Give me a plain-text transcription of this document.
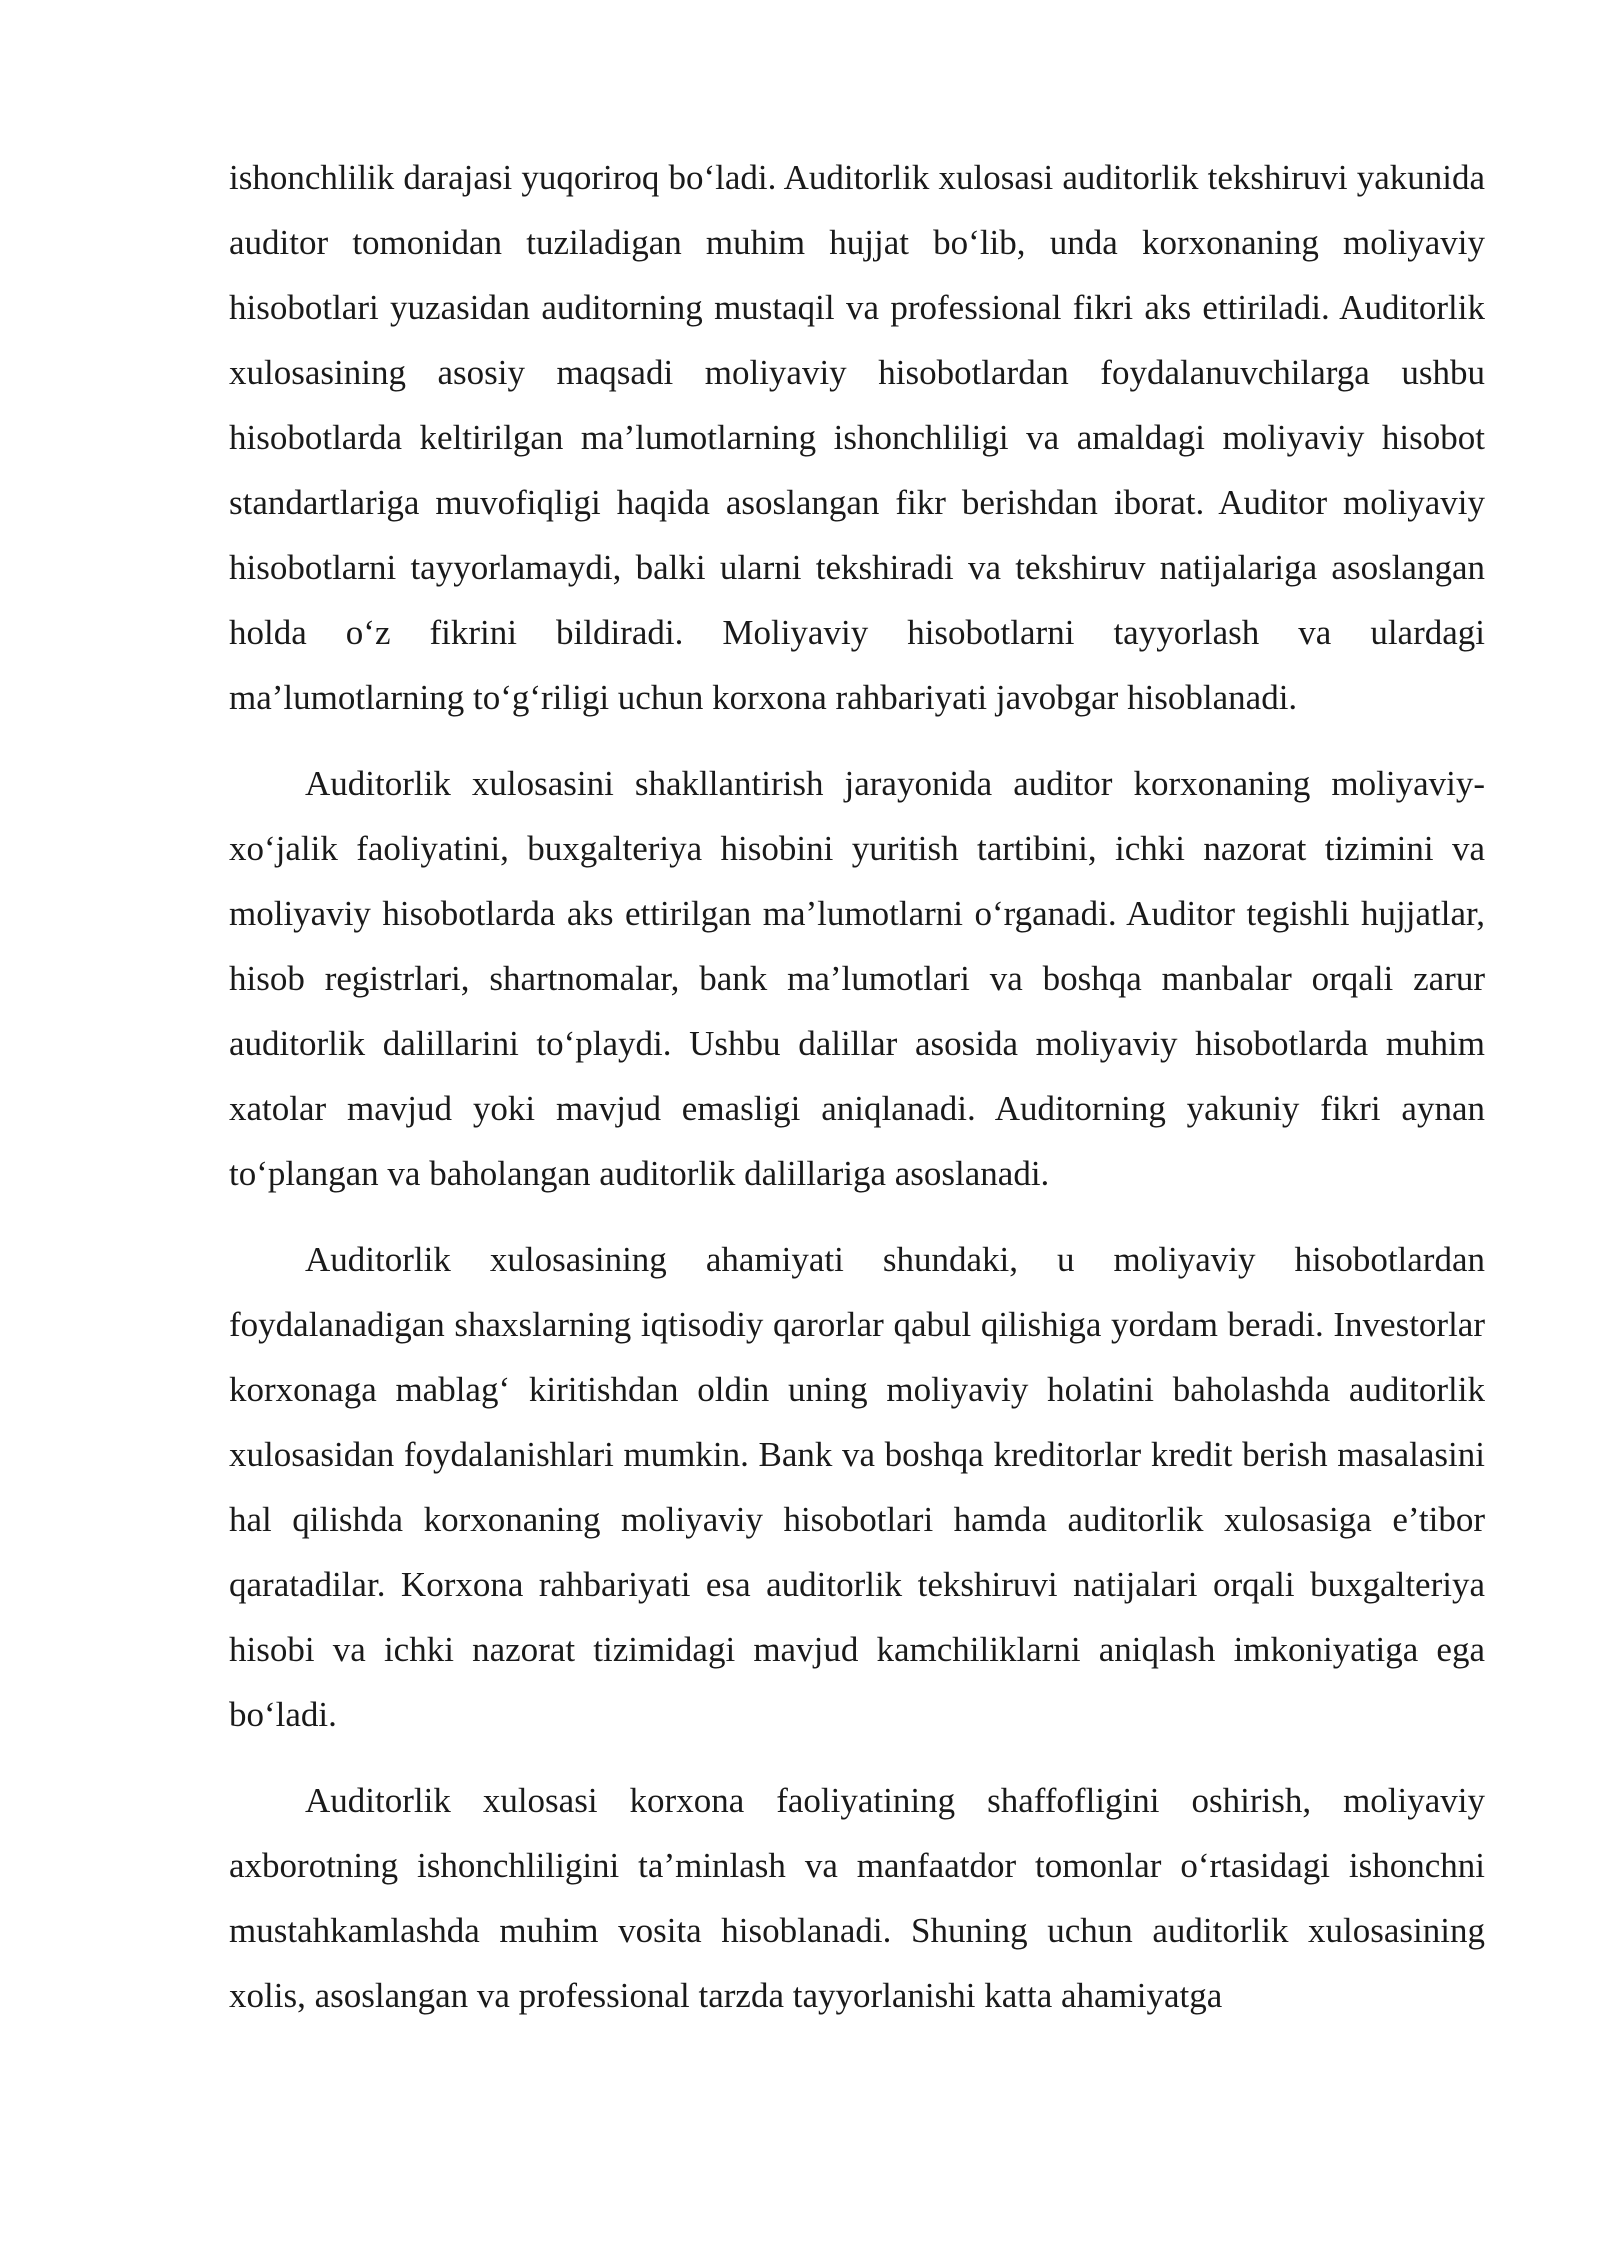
ishonchlilik darajasi yuqoriroq bo‘ladi. Auditorlik xulosasi auditorlik tekshiruvi yakunida auditor tomonidan tuziladigan muhim hujjat bo‘lib, unda korxonaning moliyaviy hisobotlari yuzasidan auditorning mustaqil va professional fikri aks ettiriladi. Auditorlik xulosasining asosiy maqsadi moliyaviy hisobotlardan foydalanuvchilarga ushbu hisobotlarda keltirilgan ma’lumotlarning ishonchliligi va amaldagi moliyaviy hisobot standartlariga muvofiqligi haqida asoslangan fikr berishdan iborat. Auditor moliyaviy hisobotlarni tayyorlamaydi, balki ularni tekshiradi va tekshiruv natijalariga asoslangan holda o‘z fikrini bildiradi. Moliyaviy hisobotlarni tayyorlash va ulardagi ma’lumotlarning to‘g‘riligi uchun korxona rahbariyati javobgar hisoblanadi.

Auditorlik xulosasini shakllantirish jarayonida auditor korxonaning moliyaviy-xo‘jalik faoliyatini, buxgalteriya hisobini yuritish tartibini, ichki nazorat tizimini va moliyaviy hisobotlarda aks ettirilgan ma’lumotlarni o‘rganadi. Auditor tegishli hujjatlar, hisob registrlari, shartnomalar, bank ma’lumotlari va boshqa manbalar orqali zarur auditorlik dalillarini to‘playdi. Ushbu dalillar asosida moliyaviy hisobotlarda muhim xatolar mavjud yoki mavjud emasligi aniqlanadi. Auditorning yakuniy fikri aynan to‘plangan va baholangan auditorlik dalillariga asoslanadi.

Auditorlik xulosasining ahamiyati shundaki, u moliyaviy hisobotlardan foydalanadigan shaxslarning iqtisodiy qarorlar qabul qilishiga yordam beradi. Investorlar korxonaga mablag‘ kiritishdan oldin uning moliyaviy holatini baholashda auditorlik xulosasidan foydalanishlari mumkin. Bank va boshqa kreditorlar kredit berish masalasini hal qilishda korxonaning moliyaviy hisobotlari hamda auditorlik xulosasiga e’tibor qaratadilar. Korxona rahbariyati esa auditorlik tekshiruvi natijalari orqali buxgalteriya hisobi va ichki nazorat tizimidagi mavjud kamchiliklarni aniqlash imkoniyatiga ega bo‘ladi.

Auditorlik xulosasi korxona faoliyatining shaffofligini oshirish, moliyaviy axborotning ishonchliligini ta’minlash va manfaatdor tomonlar o‘rtasidagi ishonchni mustahkamlashda muhim vosita hisoblanadi. Shuning uchun auditorlik xulosasining xolis, asoslangan va professional tarzda tayyorlanishi katta ahamiyatga
